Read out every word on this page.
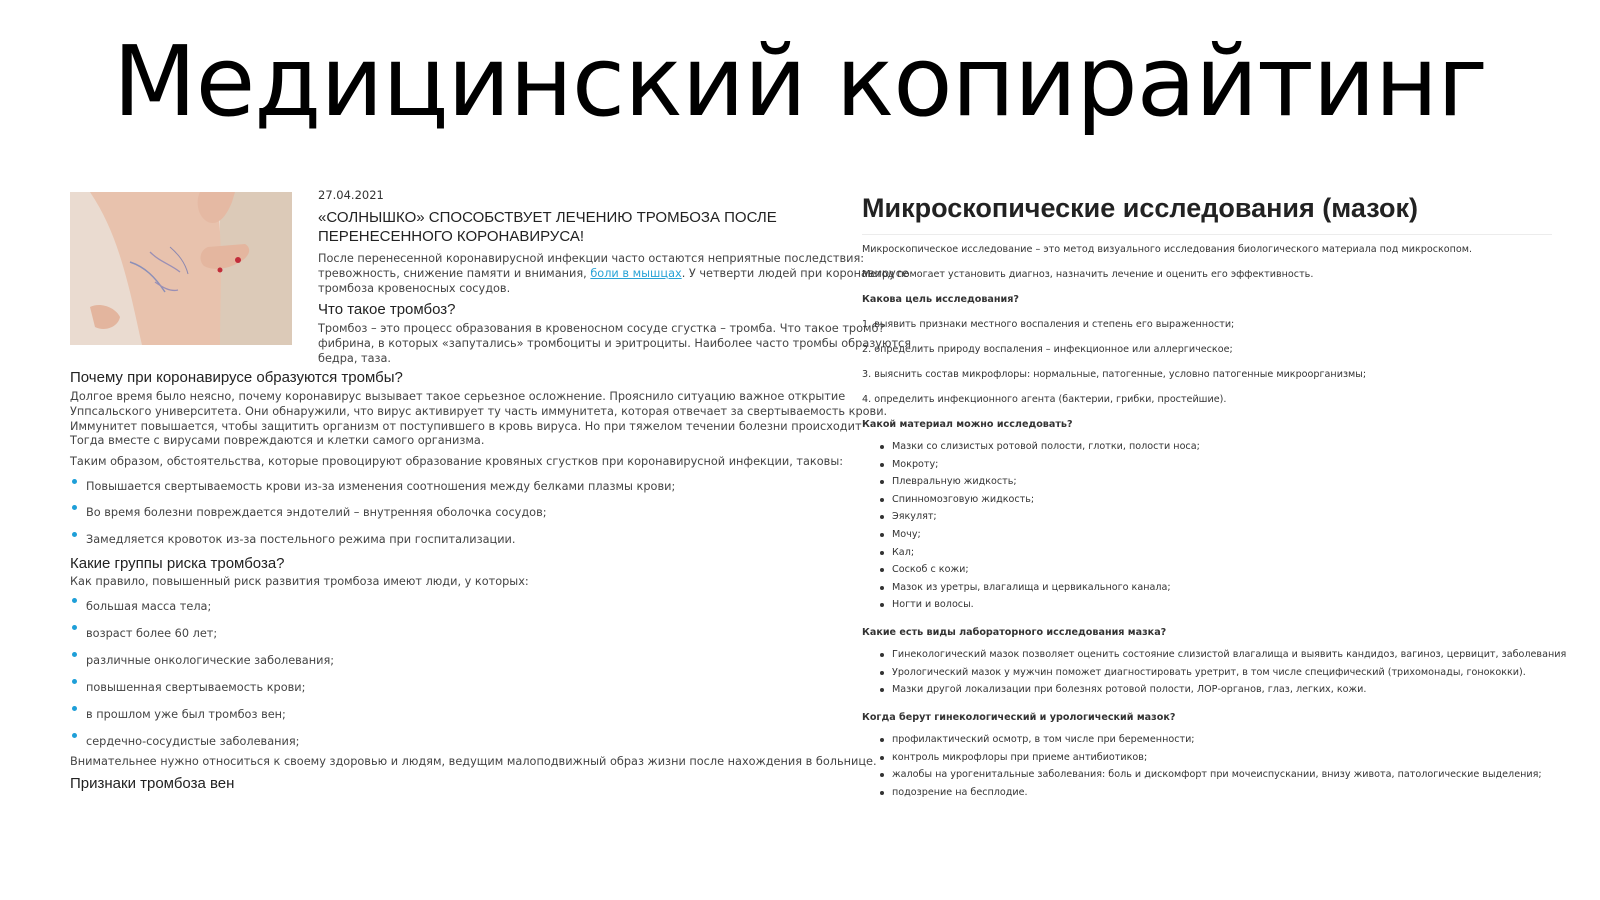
Медицинский копирайтинг
27.04.2021
«СОЛНЫШКО» СПОСОБСТВУЕТ ЛЕЧЕНИЮ ТРОМБОЗА ПОСЛЕ ПЕРЕНЕСЕННОГО КОРОНАВИРУСА!
После перенесенной коронавирусной инфекции часто остаются неприятные последствия:
тревожность, снижение памяти и внимания, боли в мышцах. У четверти людей при коронавирусе
тромбоза кровеносных сосудов.
Что такое тромбоз?
Тромбоз – это процесс образования в кровеносном сосуде сгустка – тромба. Что такое тромб?
фибрина, в которых «запутались» тромбоциты и эритроциты. Наиболее часто тромбы образуются
бедра, таза.
Почему при коронавирусе образуются тромбы?
Долгое время было неясно, почему коронавирус вызывает такое серьезное осложнение. Прояснило ситуацию важное открытие
Уппсальского университета. Они обнаружили, что вирус активирует ту часть иммунитета, которая отвечает за свертываемость крови.
Иммунитет повышается, чтобы защитить организм от поступившего в кровь вируса. Но при тяжелом течении болезни происходит
Тогда вместе с вирусами повреждаются и клетки самого организма.
Таким образом, обстоятельства, которые провоцируют образование кровяных сгустков при коронавирусной инфекции, таковы:
Повышается свертываемость крови из-за изменения соотношения между белками плазмы крови;
Во время болезни повреждается эндотелий – внутренняя оболочка сосудов;
Замедляется кровоток из-за постельного режима при госпитализации.
Какие группы риска тромбоза?
Как правило, повышенный риск развития тромбоза имеют люди, у которых:
большая масса тела;
возраст более 60 лет;
различные онкологические заболевания;
повышенная свертываемость крови;
в прошлом уже был тромбоз вен;
сердечно-сосудистые заболевания;
Внимательнее нужно относиться к своему здоровью и людям, ведущим малоподвижный образ жизни после нахождения в больнице.
Признаки тромбоза вен
Микроскопические исследования (мазок)
Микроскопическое исследование – это метод визуального исследования биологического материала под микроскопом.
Метод помогает установить диагноз, назначить лечение и оценить его эффективность.
Какова цель исследования?
1. выявить признаки местного воспаления и степень его выраженности;
2. определить природу воспаления – инфекционное или аллергическое;
3. выяснить состав микрофлоры: нормальные, патогенные, условно патогенные микроорганизмы;
4. определить инфекционного агента (бактерии, грибки, простейшие).
Какой материал можно исследовать?
Мазки со слизистых ротовой полости, глотки, полости носа;
Мокроту;
Плевральную жидкость;
Спинномозговую жидкость;
Эякулят;
Мочу;
Кал;
Соскоб с кожи;
Мазок из уретры, влагалища и цервикального канала;
Ногти и волосы.
Какие есть виды лабораторного исследования мазка?
Гинекологический мазок позволяет оценить состояние слизистой влагалища и выявить кандидоз, вагиноз, цервицит, заболевания
Урологический мазок у мужчин поможет диагностировать уретрит, в том числе специфический (трихомонады, гонококки).
Мазки другой локализации при болезнях ротовой полости, ЛОР-органов, глаз, легких, кожи.
Когда берут гинекологический и урологический мазок?
профилактический осмотр, в том числе при беременности;
контроль микрофлоры при приеме антибиотиков;
жалобы на урогенитальные заболевания: боль и дискомфорт при мочеиспускании, внизу живота, патологические выделения;
подозрение на бесплодие.
